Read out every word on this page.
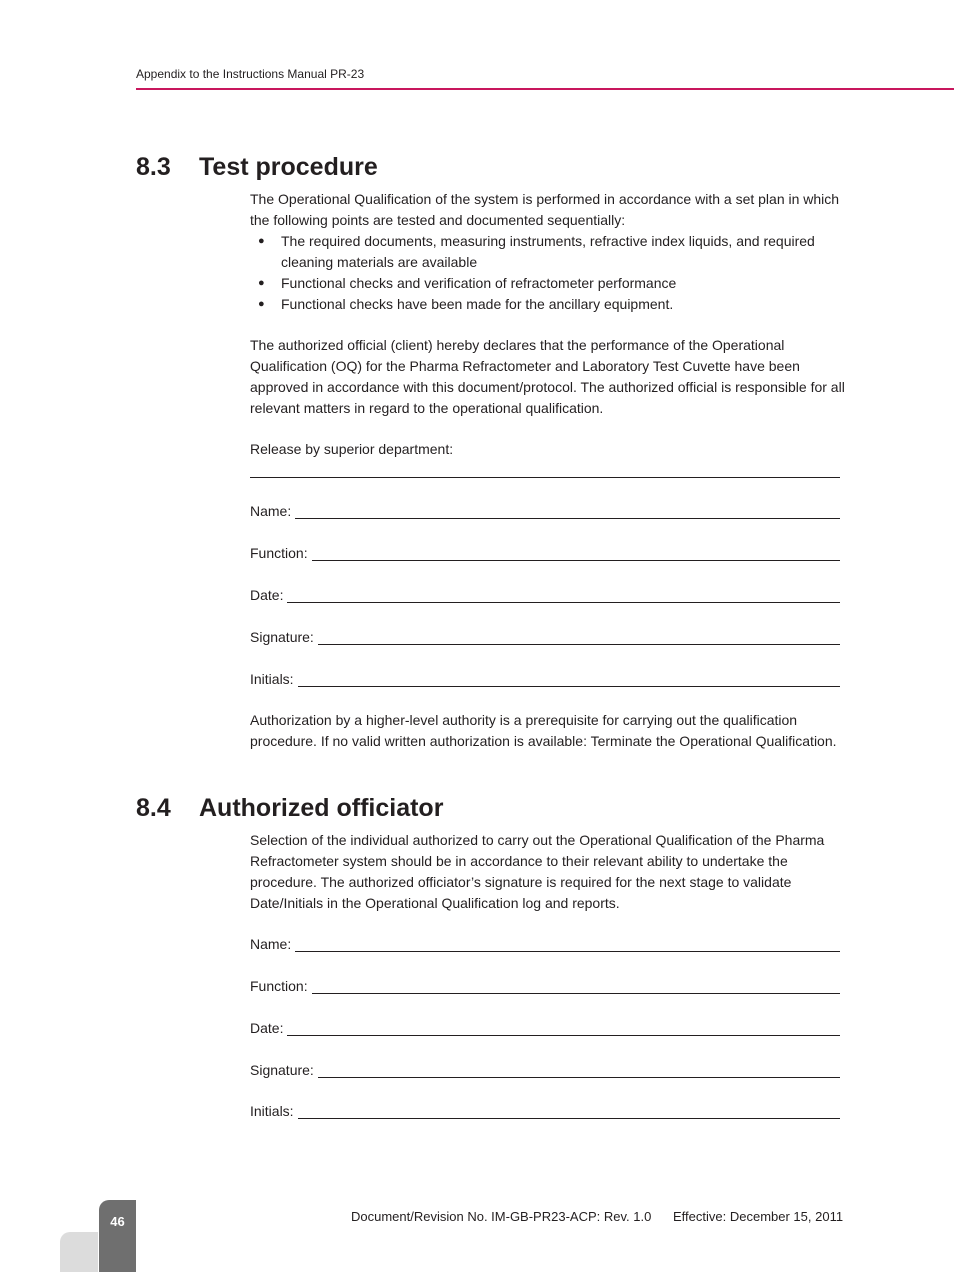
Appendix to the Instructions Manual PR-23
8.3 Test procedure

The Operational Qualification of the system is performed in accordance with a set plan in which the following points are tested and documented sequentially:

● The required documents, measuring instruments, refractive index liquids, and required cleaning materials are available
● Functional checks and verification of refractometer performance
● Functional checks have been made for the ancillary equipment.

The authorized official (client) hereby declares that the performance of the Operational Qualification (OQ) for the Pharma Refractometer and Laboratory Test Cuvette have been approved in accordance with this document/protocol. The authorized official is responsible for all relevant matters in regard to the operational qualification.

Release by superior department:

Name:
Function:
Date:
Signature:
Initials:

Authorization by a higher-level authority is a prerequisite for carrying out the qualification procedure. If no valid written authorization is available: Terminate the Operational Qualification.

8.4 Authorized officiator

Selection of the individual authorized to carry out the Operational Qualification of the Pharma Refractometer system should be in accordance to their relevant ability to undertake the procedure. The authorized officiator’s signature is required for the next stage to validate Date/Initials in the Operational Qualification log and reports.

Name:
Function:
Date:
Signature:
Initials:
46	Document/Revision No. IM-GB-PR23-ACP: Rev. 1.0 Effective: December 15, 2011
